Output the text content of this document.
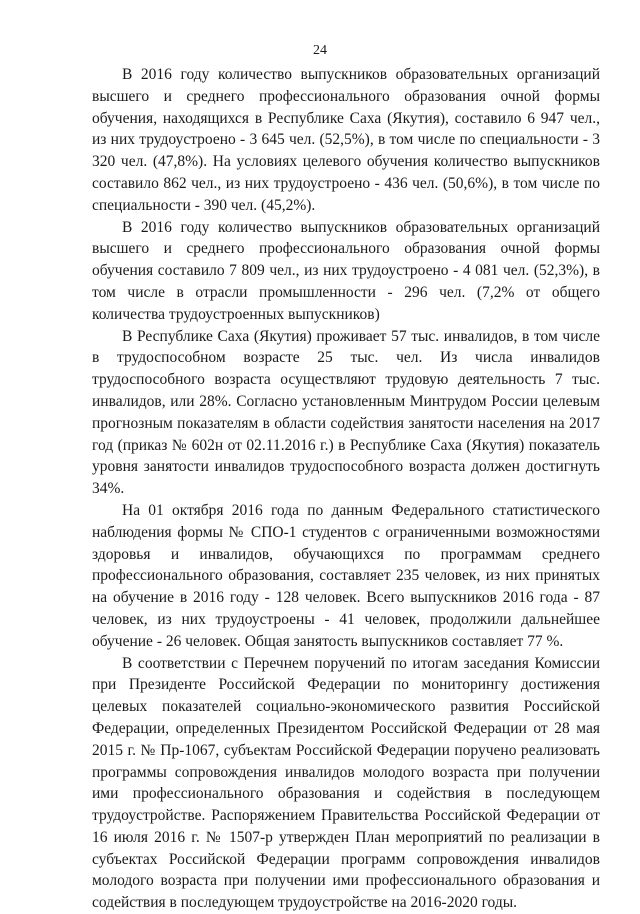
24

В 2016 году количество выпускников образовательных организаций высшего и среднего профессионального образования очной формы обучения, находящихся в Республике Саха (Якутия), составило 6 947 чел., из них трудоустроено - 3 645 чел. (52,5%), в том числе по специальности - 3 320 чел. (47,8%). На условиях целевого обучения количество выпускников составило 862 чел., из них трудоустроено - 436 чел. (50,6%), в том числе по специальности - 390 чел. (45,2%).

В 2016 году количество выпускников образовательных организаций высшего и среднего профессионального образования очной формы обучения составило 7 809 чел., из них трудоустроено - 4 081 чел. (52,3%), в том числе в отрасли промышленности - 296 чел. (7,2% от общего количества трудоустроенных выпускников)

В Республике Саха (Якутия) проживает 57 тыс. инвалидов, в том числе в трудоспособном возрасте 25 тыс. чел. Из числа инвалидов трудоспособного возраста осуществляют трудовую деятельность 7 тыс. инвалидов, или 28%. Согласно установленным Минтрудом России целевым прогнозным показателям в области содействия занятости населения на 2017 год (приказ № 602н от 02.11.2016 г.) в Республике Саха (Якутия) показатель уровня занятости инвалидов трудоспособного возраста должен достигнуть 34%.

На 01 октября 2016 года по данным Федерального статистического наблюдения формы № СПО-1 студентов с ограниченными возможностями здоровья и инвалидов, обучающихся по программам среднего профессионального образования, составляет 235 человек, из них принятых на обучение в 2016 году - 128 человек. Всего выпускников 2016 года - 87 человек, из них трудоустроены - 41 человек, продолжили дальнейшее обучение - 26 человек. Общая занятость выпускников составляет 77 %.

В соответствии с Перечнем поручений по итогам заседания Комиссии при Президенте Российской Федерации по мониторингу достижения целевых показателей социально-экономического развития Российской Федерации, определенных Президентом Российской Федерации от 28 мая 2015 г. № Пр-1067, субъектам Российской Федерации поручено реализовать программы сопровождения инвалидов молодого возраста при получении ими профессионального образования и содействия в последующем трудоустройстве. Распоряжением Правительства Российской Федерации от 16 июля 2016 г. № 1507-р утвержден План мероприятий по реализации в субъектах Российской Федерации программ сопровождения инвалидов молодого возраста при получении ими профессионального образования и содействия в последующем трудоустройстве на 2016-2020 годы.
